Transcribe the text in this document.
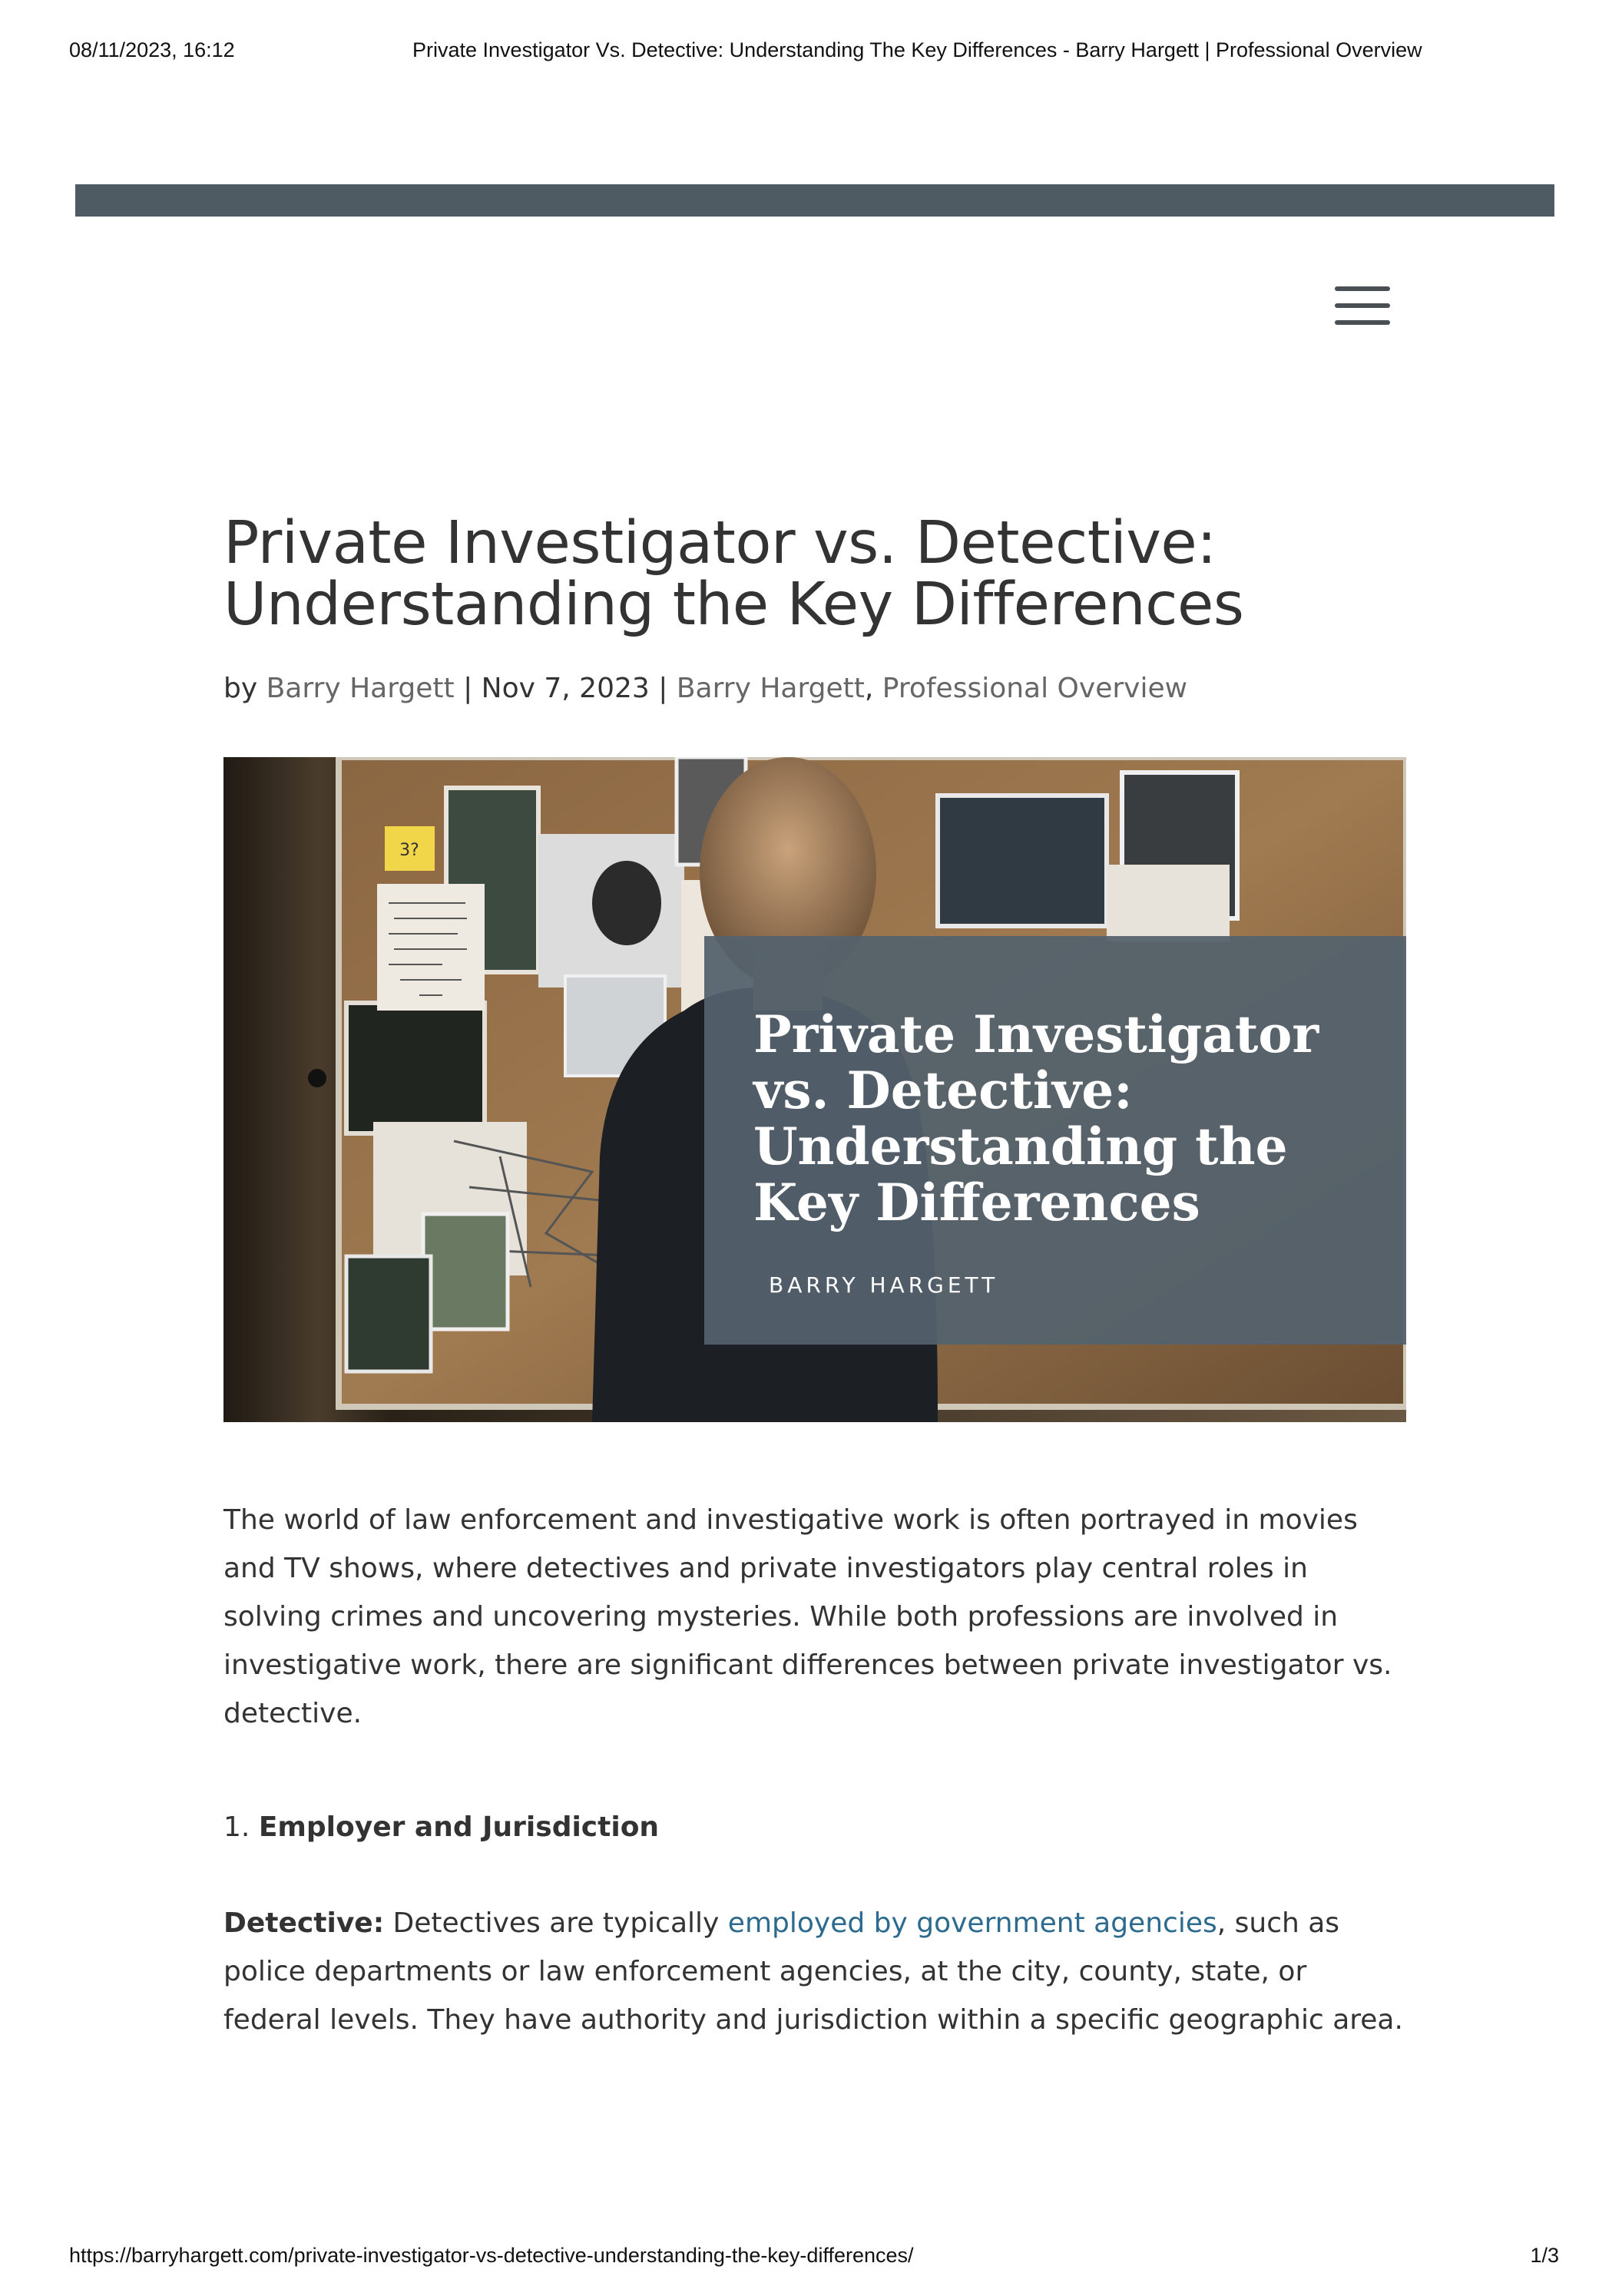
08/11/2023, 16:12	Private Investigator Vs. Detective: Understanding The Key Differences - Barry Hargett | Professional Overview
Private Investigator vs. Detective: Understanding the Key Differences
by Barry Hargett | Nov 7, 2023 | Barry Hargett, Professional Overview
3?
Private Investigator vs. Detective: Understanding the Key Differences
BARRY HARGETT

The world of law enforcement and investigative work is often portrayed in movies and TV shows, where detectives and private investigators play central roles in solving crimes and uncovering mysteries. While both professions are involved in investigative work, there are significant differences between private investigator vs. detective.

1. Employer and Jurisdiction

Detective: Detectives are typically employed by government agencies, such as police departments or law enforcement agencies, at the city, county, state, or federal levels. They have authority and jurisdiction within a specific geographic area.

https://barryhargett.com/private-investigator-vs-detective-understanding-the-key-differences/	1/3
